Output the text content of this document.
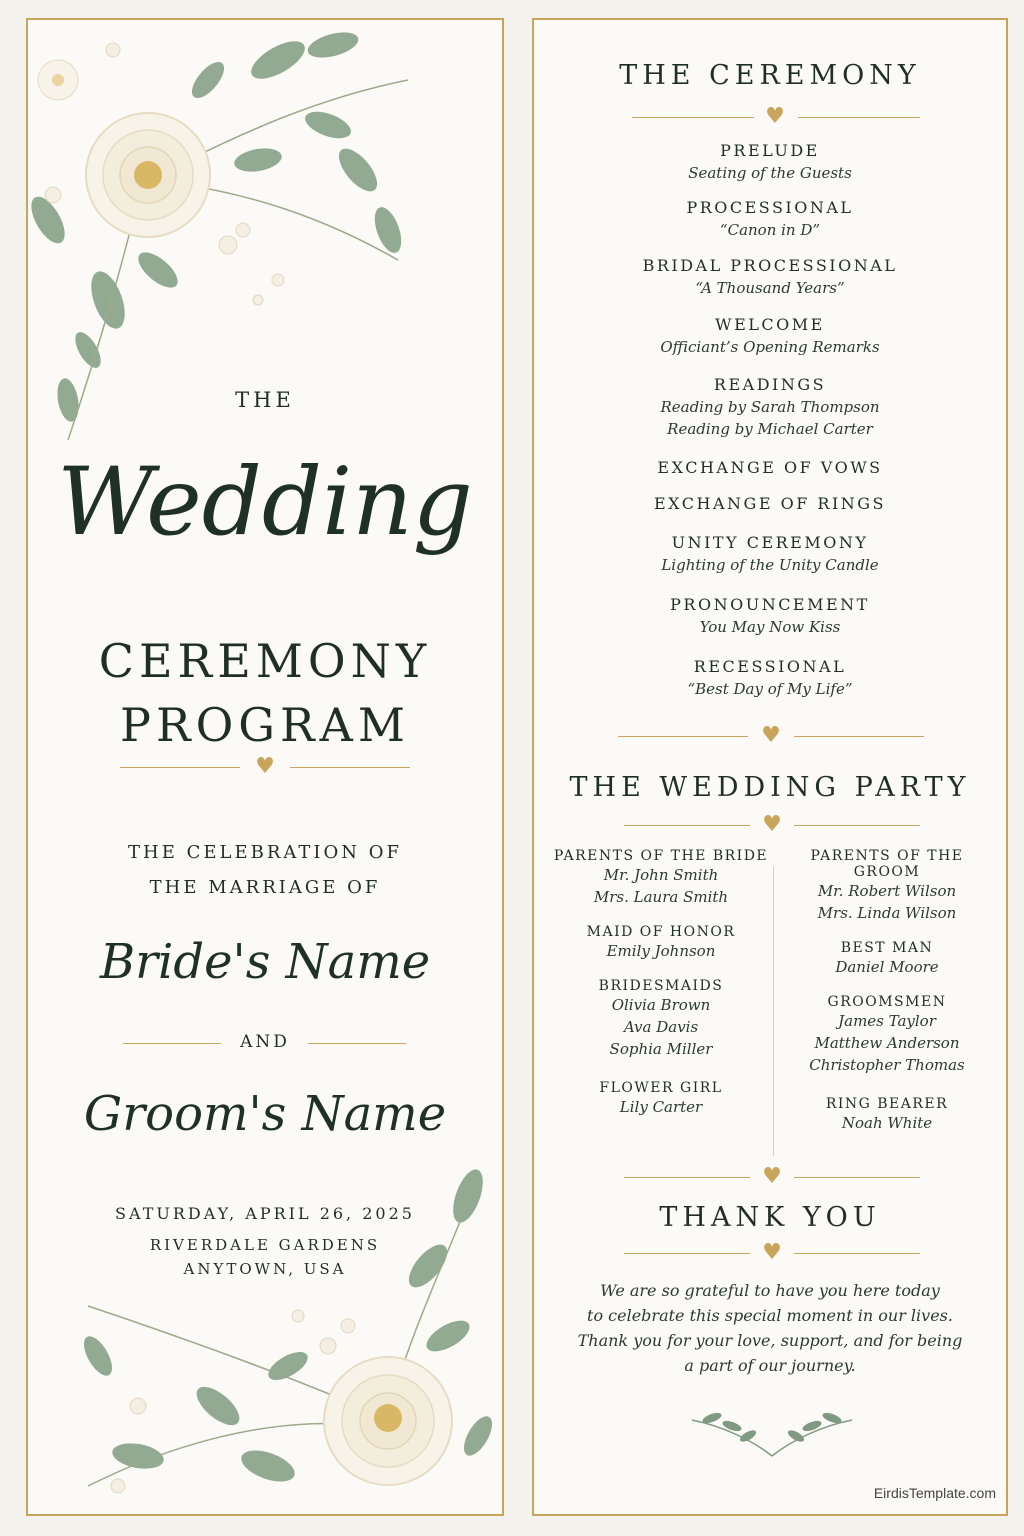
THE
Wedding
CEREMONY
PROGRAM
♥
THE CELEBRATION OF
THE MARRIAGE OF
Bride's Name
AND
Groom's Name
SATURDAY, APRIL 26, 2025
RIVERDALE GARDENS
ANYTOWN, USA
THE CEREMONY
♥
PRELUDE
Seating of the Guests
PROCESSIONAL
“Canon in D”
BRIDAL PROCESSIONAL
“A Thousand Years”
WELCOME
Officiant’s Opening Remarks
READINGS
Reading by Sarah Thompson
Reading by Michael Carter
EXCHANGE OF VOWS
EXCHANGE OF RINGS
UNITY CEREMONY
Lighting of the Unity Candle
PRONOUNCEMENT
You May Now Kiss
RECESSIONAL
“Best Day of My Life”
♥
THE WEDDING PARTY
♥
PARENTS OF THE BRIDE
Mr. John Smith
Mrs. Laura Smith
MAID OF HONOR
Emily Johnson
BRIDESMAIDS
Olivia Brown
Ava Davis
Sophia Miller
FLOWER GIRL
Lily Carter
PARENTS OF THE GROOM
Mr. Robert Wilson
Mrs. Linda Wilson
BEST MAN
Daniel Moore
GROOMSMEN
James Taylor
Matthew Anderson
Christopher Thomas
RING BEARER
Noah White
♥
THANK YOU
♥
We are so grateful to have you here today
to celebrate this special moment in our lives.
Thank you for your love, support, and for being
a part of our journey.
EirdisTemplate.com
